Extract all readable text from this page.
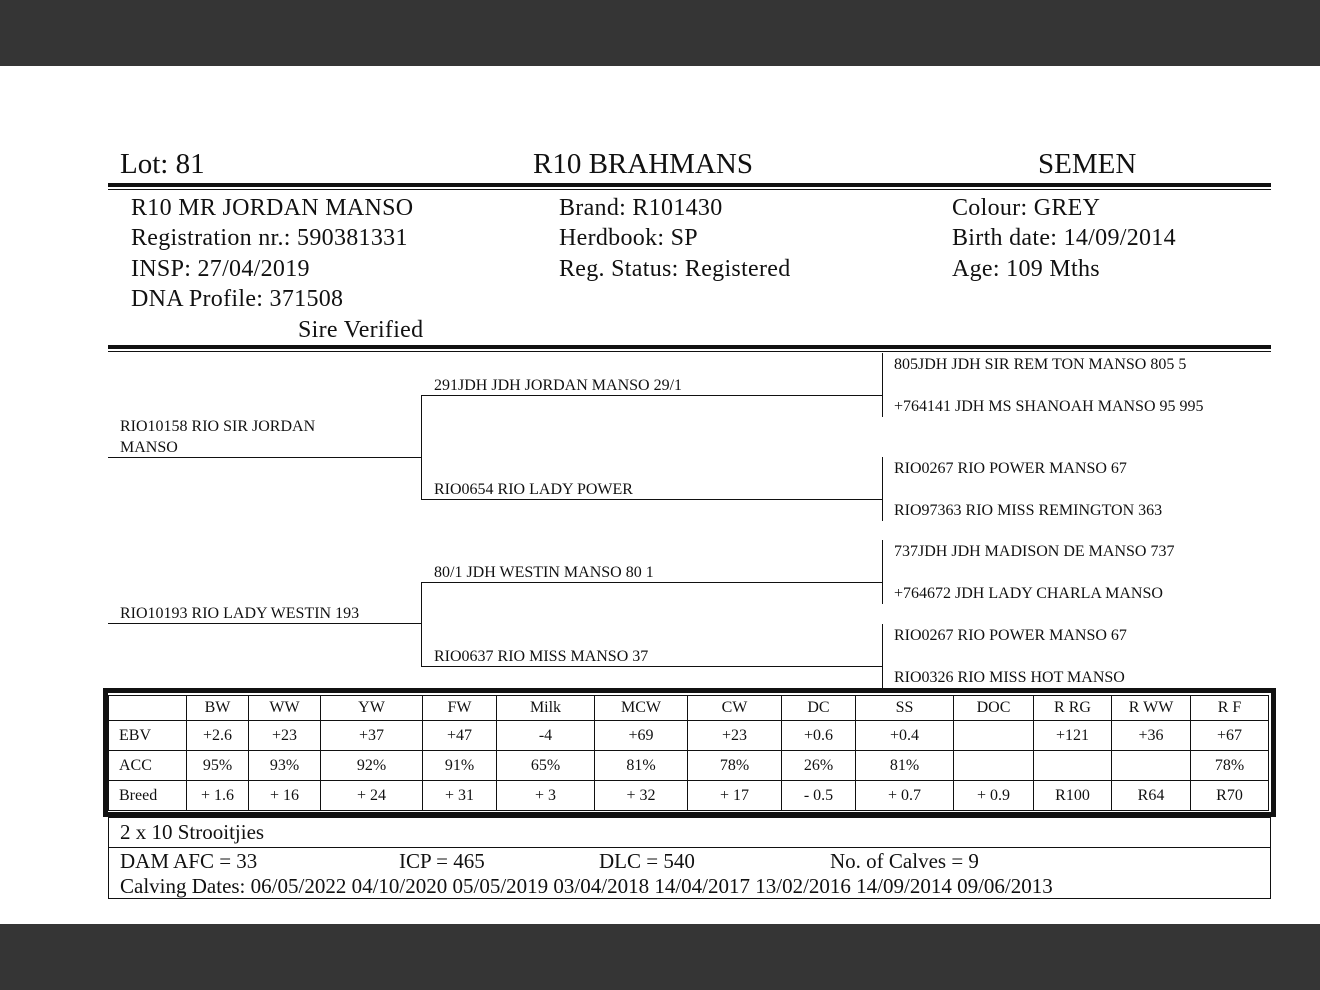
Lot: 81	R10 BRAHMANS	SEMEN
R10 MR JORDAN MANSO
Registration nr.: 590381331
INSP: 27/04/2019
DNA Profile: 371508
Sire Verified
Brand: R101430
Herdbook: SP
Reg. Status: Registered
Colour: GREY
Birth date: 14/09/2014
Age: 109 Mths
RIO10158 RIO SIR JORDAN
MANSO
RIO10193 RIO LADY WESTIN 193
291JDH JDH JORDAN MANSO 29/1
RIO0654 RIO LADY POWER
80/1 JDH WESTIN MANSO 80 1
RIO0637 RIO MISS MANSO 37
805JDH JDH SIR REM TON MANSO 805 5
+764141 JDH MS SHANOAH MANSO 95 995
RIO0267 RIO POWER MANSO 67
RIO97363 RIO MISS REMINGTON 363
737JDH JDH MADISON DE MANSO 737
+764672 JDH LADY CHARLA MANSO
RIO0267 RIO POWER MANSO 67
RIO0326 RIO MISS HOT MANSO
	BW	WW	YW	FW	Milk	MCW	CW	DC	SS	DOC	R RG	R WW	R F
EBV	+2.6	+23	+37	+47	-4	+69	+23	+0.6	+0.4		+121	+36	+67
ACC	95%	93%	92%	91%	65%	81%	78%	26%	81%				78%
Breed	+ 1.6	+ 16	+ 24	+ 31	+ 3	+ 32	+ 17	- 0.5	+ 0.7	+ 0.9	R100	R64	R70
2 x 10 Strooitjies
DAM AFC = 33	ICP = 465	DLC = 540	No. of Calves = 9
Calving Dates: 06/05/2022 04/10/2020 05/05/2019 03/04/2018 14/04/2017 13/02/2016 14/09/2014 09/06/2013
